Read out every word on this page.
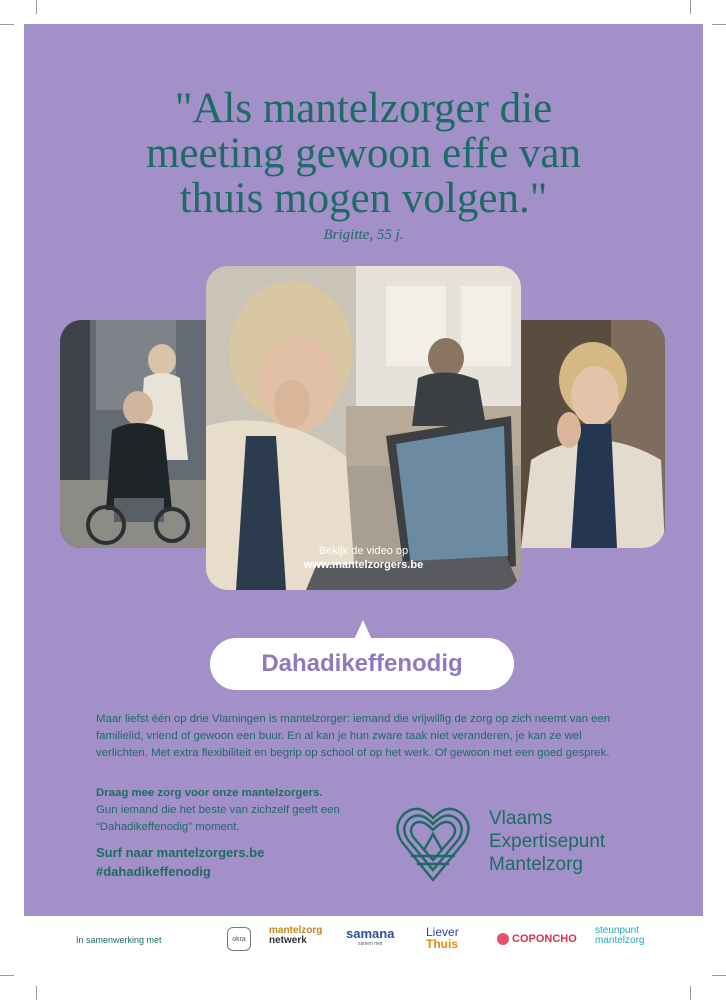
"Als mantelzorger die
meeting gewoon effe van
thuis mogen volgen."
Brigitte, 55 j.
Bekijk de video op
www.mantelzorgers.be
Dahadikeffenodig
Maar liefst één op drie Vlamingen is mantelzorger: iemand die vrijwillig de zorg op zich neemt van een familielid, vriend of gewoon een buur. En al kan je hun zware taak niet veranderen, je kan ze wel verlichten. Met extra flexibiliteit en begrip op school of op het werk. Of gewoon met een goed gesprek.
Draag mee zorg voor onze mantelzorgers.
Gun iemand die het beste van zichzelf geeft een “Dahadikeffenodig” moment.
Surf naar mantelzorgers.be
#dahadikeffenodig
Vlaams
Expertisepunt
Mantelzorg
In samenwerking met	okra
mantelzorg
netwerk	samana
samen met
Liever
Thuis	COPONCHO
steunpunt
mantelzorg
